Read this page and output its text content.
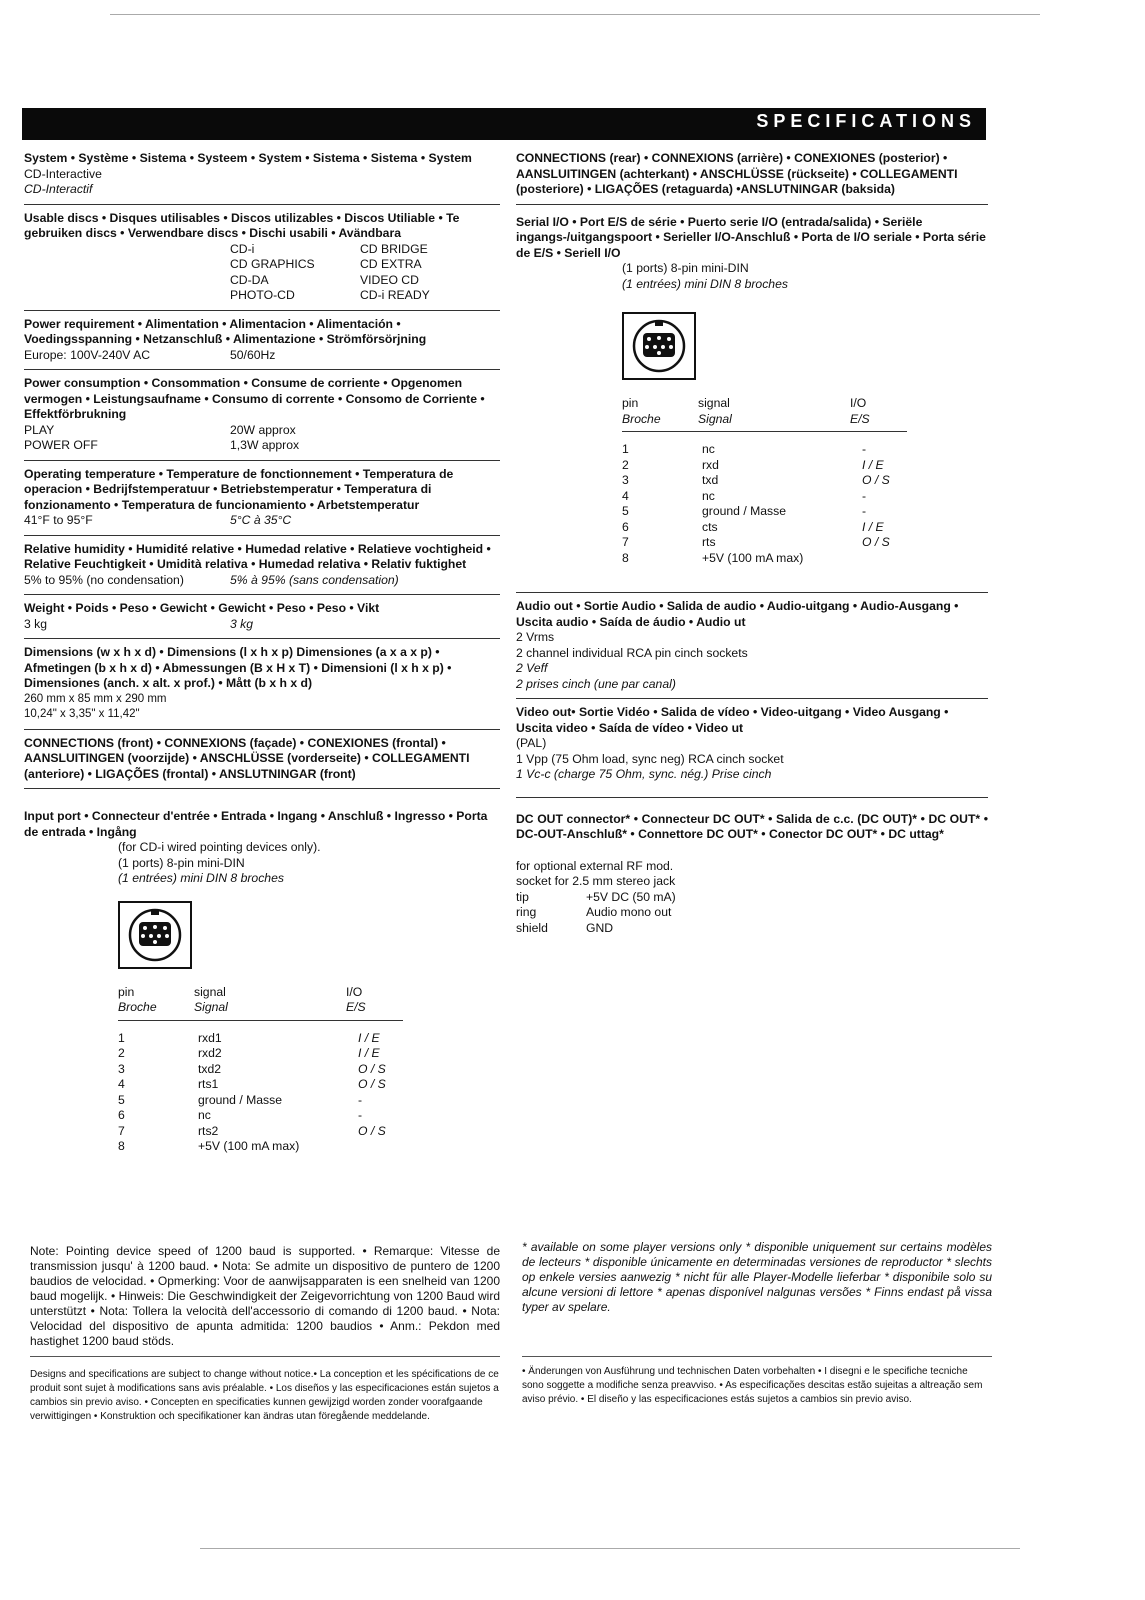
SPECIFICATIONS
System • Système • Sistema • Systeem • System • Sistema • Sistema • System
CD-Interactive
CD-Interactif
Usable discs • Disques utilisables • Discos utilizables • Discos Utiliable • Te gebruiken discs • Verwendbare discs • Dischi usabili • Avändbara
CD-i	CD BRIDGE
CD GRAPHICS	CD EXTRA
CD-DA	VIDEO CD
PHOTO-CD	CD-i READY
Power requirement • Alimentation • Alimentacion • Alimentación • Voedingsspanning • Netzanschluß • Alimentazione • Strömförsörjning
Europe: 100V-240V AC	50/60Hz
Power consumption • Consommation • Consume de corriente • Opgenomen vermogen • Leistungsaufname • Consumo di corrente • Consomo de Corriente • Effektförbrukning
PLAY	20W approx
POWER OFF	1,3W approx
Operating temperature • Temperature de fonctionnement • Temperatura de operacion • Bedrijfstemperatuur • Betriebstemperatur • Temperatura di fonzionamento • Temperatura de funcionamiento • Arbetstemperatur
41°F to 95°F	5°C à 35°C
Relative humidity • Humidité relative • Humedad relative • Relatieve vochtigheid • Relative Feuchtigkeit • Umidità relativa • Humedad relativa • Relativ fuktighet
5% to 95% (no condensation)	5% à 95% (sans condensation)
Weight • Poids • Peso • Gewicht • Gewicht • Peso • Peso • Vikt
3 kg	3 kg
Dimensions (w x h x d) • Dimensions (l x h x p) Dimensiones (a x a x p) • Afmetingen (b x h x d) • Abmessungen (B x H x T) • Dimensioni (l x h x p) • Dimensiones (anch. x alt. x prof.) • Mått (b x h x d)
260 mm x 85 mm x 290 mm
10,24" x 3,35" x 11,42"
CONNECTIONS (front) • CONNEXIONS (façade) • CONEXIONES (frontal) • AANSLUITINGEN (voorzijde) • ANSCHLÜSSE (vorderseite) • COLLEGAMENTI (anteriore) • LIGAÇÕES (frontal) • ANSLUTNINGAR (front)
Input port • Connecteur d'entrée • Entrada • Ingang • Anschluß • Ingresso • Porta de entrada • Ingång
(for CD-i wired pointing devices only).
(1 ports) 8-pin mini-DIN
(1 entrées) mini DIN 8 broches
pin	signal	I/O
Broche	Signal	E/S
1	rxd1	I / E
2	rxd2	I / E
3	txd2	O / S
4	rts1	O / S
5	ground / Masse	-
6	nc	-
7	rts2	O / S
8	+5V (100 mA max)
CONNECTIONS (rear) • CONNEXIONS (arrière) • CONEXIONES (posterior) • AANSLUITINGEN (achterkant) • ANSCHLÜSSE (rückseite) • COLLEGAMENTI (posteriore) • LIGAÇÕES (retaguarda) •ANSLUTNINGAR (baksida)
Serial I/O • Port E/S de série • Puerto serie I/O (entrada/salida) • Seriële ingangs-/uitgangspoort • Serieller I/O-Anschluß • Porta de I/O seriale • Porta série de E/S • Seriell I/O
(1 ports) 8-pin mini-DIN
(1 entrées) mini DIN 8 broches
pin	signal	I/O
Broche	Signal	E/S
1	nc	-
2	rxd	I / E
3	txd	O / S
4	nc	-
5	ground / Masse	-
6	cts	I / E
7	rts	O / S
8	+5V (100 mA max)
Audio out • Sortie Audio • Salida de audio • Audio-uitgang • Audio-Ausgang • Uscita audio • Saída de áudio • Audio ut
2 Vrms
2 channel individual RCA pin cinch sockets
2 Veff
2 prises cinch (une par canal)
Video out• Sortie Vidéo • Salida de vídeo • Video-uitgang • Video Ausgang • Uscita video • Saída de vídeo • Video ut
(PAL)
1 Vpp (75 Ohm load, sync neg) RCA cinch socket
1 Vc-c (charge 75 Ohm, sync. nég.) Prise cinch
DC OUT connector* • Connecteur DC OUT* • Salida de c.c. (DC OUT)* • DC OUT* • DC-OUT-Anschluß* • Connettore DC OUT* • Conector DC OUT* • DC uttag*
for optional external RF mod.
socket for 2.5 mm stereo jack
tip	+5V DC (50 mA)
ring	Audio mono out
shield	GND
Note: Pointing device speed of 1200 baud is supported. • Remarque: Vitesse de transmission jusqu' à 1200 baud. • Nota: Se admite un dispositivo de puntero de 1200 baudios de velocidad. • Opmerking: Voor de aanwijsapparaten is een snelheid van 1200 baud mogelijk. • Hinweis: Die Geschwindigkeit der Zeigevorrichtung von 1200 Baud wird unterstützt • Nota: Tollera la velocità dell'accessorio di comando di 1200 baud. • Nota: Velocidad del dispositivo de apunta admitida: 1200 baudios • Anm.: Pekdon med hastighet 1200 baud stöds.
* available on some player versions only * disponible uniquement sur certains modèles de lecteurs * disponible únicamente en determinadas versiones de reproductor * slechts op enkele versies aanwezig * nicht für alle Player-Modelle lieferbar * disponibile solo su alcune versioni di lettore * apenas disponível nalgunas versões * Finns endast på vissa typer av spelare.
Designs and specifications are subject to change without notice.• La conception et les spécifications de ce produit sont sujet à modifications sans avis préalable. • Los diseños y las especificaciones están sujetos a cambios sin previo aviso. • Concepten en specificaties kunnen gewijzigd worden zonder voorafgaande verwittigingen • Konstruktion och specifikationer kan ändras utan föregående meddelande.
• Änderungen von Ausführung und technischen Daten vorbehalten • I disegni e le specifiche tecniche sono soggette a modifiche senza preavviso. • As especificações descitas estão sujeitas a altreação sem aviso prévio. • El diseño y las especificaciones estás sujetos a cambios sin previo aviso.
